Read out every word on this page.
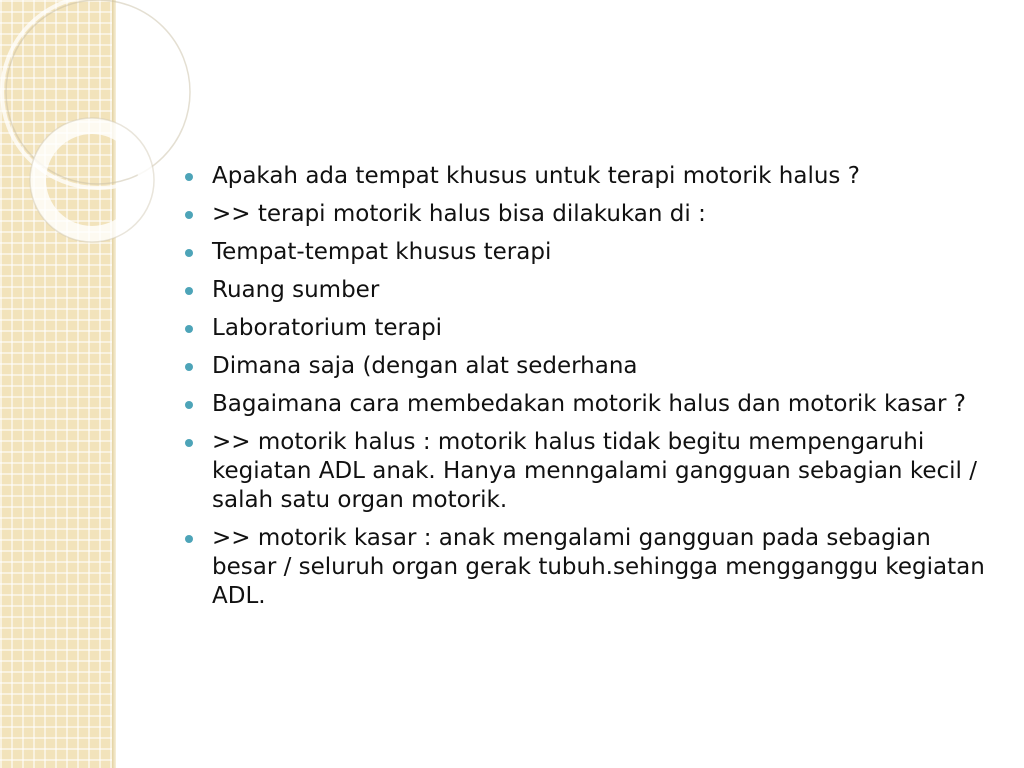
Apakah ada tempat khusus untuk terapi motorik halus ?
>> terapi motorik halus bisa dilakukan di :
Tempat-tempat khusus terapi
Ruang sumber
Laboratorium terapi
Dimana saja (dengan alat sederhana
Bagaimana cara membedakan motorik halus dan motorik kasar ?
>> motorik halus : motorik halus tidak begitu mempengaruhi kegiatan ADL anak. Hanya menngalami gangguan sebagian kecil / salah satu organ motorik.
>> motorik kasar : anak mengalami gangguan pada sebagian besar / seluruh organ gerak tubuh.sehingga mengganggu kegiatan ADL.
